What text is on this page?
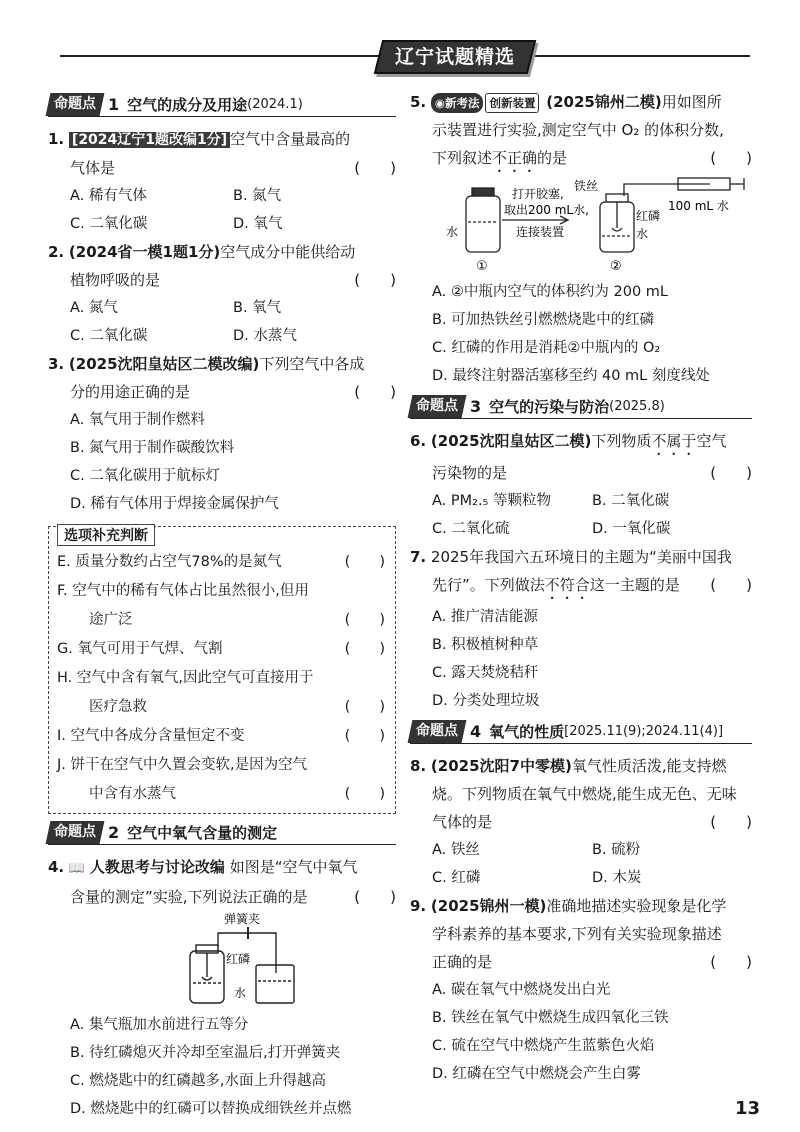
辽宁试题精选
命题点 1 空气的成分及用途 (2024.1)
1. [2024辽宁1题改编1分] 空气中含量最高的
气体是	(　　)
A. 稀有气体	B. 氮气
C. 二氧化碳	D. 氧气
2. (2024省一模1题1分)空气成分中能供给动
植物呼吸的是	(　　)
A. 氮气	B. 氧气
C. 二氧化碳	D. 水蒸气
3. (2025沈阳皇姑区二模改编)下列空气中各成
分的用途正确的是	(　　)
A. 氧气用于制作燃料
B. 氮气用于制作碳酸饮料
C. 二氧化碳用于航标灯
D. 稀有气体用于焊接金属保护气
选项补充判断
E. 质量分数约占空气78%的是氮气	(　　)
F. 空气中的稀有气体占比虽然很小,但用
途广泛	(　　)
G. 氧气可用于气焊、气割	(　　)
H. 空气中含有氧气,因此空气可直接用于
医疗急救	(　　)
I. 空气中各成分含量恒定不变	(　　)
J. 饼干在空气中久置会变软,是因为空气
中含有水蒸气	(　　)
命题点 2 空气中氧气含量的测定
4. 📖 人教思考与讨论改编 如图是“空气中氧气
含量的测定”实验,下列说法正确的是	(　　)
弹簧夹
红磷
水
A. 集气瓶加水前进行五等分
B. 待红磷熄灭并冷却至室温后,打开弹簧夹
C. 燃烧匙中的红磷越多,水面上升得越高
D. 燃烧匙中的红磷可以替换成细铁丝并点燃
5. ◉新考法 创新装置 (2025锦州二模)用如图所
示装置进行实验,测定空气中 O₂ 的体积分数,
下列叙述不正确的是	(　　)
铁丝
打开胶塞,
取出200 mL水,
连接装置
水
红磷
水
100 mL 水
①	②
A. ②中瓶内空气的体积约为 200 mL
B. 可加热铁丝引燃燃烧匙中的红磷
C. 红磷的作用是消耗②中瓶内的 O₂
D. 最终注射器活塞移至约 40 mL 刻度线处
命题点 3 空气的污染与防治 (2025.8)
6. (2025沈阳皇姑区二模)下列物质不属于空气
污染物的是	(　　)
A. PM₂.₅ 等颗粒物	B. 二氧化碳
C. 二氧化硫	D. 一氧化碳
7. 2025年我国六五环境日的主题为“美丽中国我
先行”。下列做法不符合这一主题的是 (　　)
A. 推广清洁能源
B. 积极植树种草
C. 露天焚烧秸秆
D. 分类处理垃圾
命题点 4 氧气的性质 [2025.11(9);2024.11(4)]
8. (2025沈阳7中零模)氧气性质活泼,能支持燃
烧。下列物质在氧气中燃烧,能生成无色、无味
气体的是	(　　)
A. 铁丝	B. 硫粉
C. 红磷	D. 木炭
9. (2025锦州一模)准确地描述实验现象是化学
学科素养的基本要求,下列有关实验现象描述
正确的是	(　　)
A. 碳在氧气中燃烧发出白光
B. 铁丝在氧气中燃烧生成四氧化三铁
C. 硫在空气中燃烧产生蓝紫色火焰
D. 红磷在空气中燃烧会产生白雾
13
